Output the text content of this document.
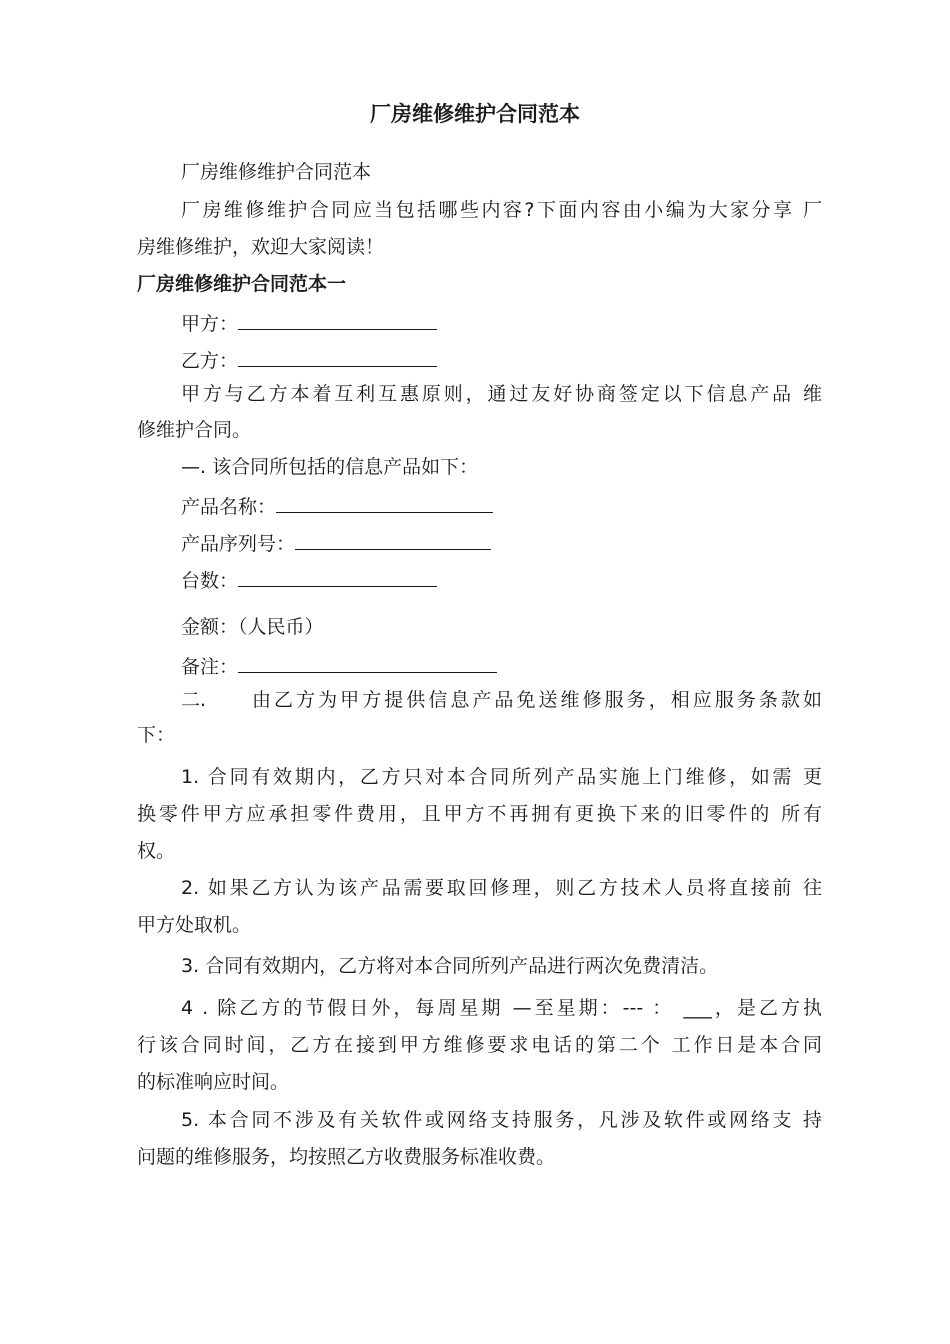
厂房维修维护合同范本
厂房维修维护合同范本
厂房维修维护合同应当包括哪些内容?下面内容由小编为大家分享 厂
房维修维护，欢迎大家阅读！
厂房维修维护合同范本一
甲方：
乙方：
甲方与乙方本着互利互惠原则，通过友好协商签定以下信息产品 维
修维护合同。
—. 该合同所包括的信息产品如下：
产品名称：
产品序列号：
台数：
金额：（人民币）
备注：
二. 由乙方为甲方提供信息产品免送维修服务，相应服务条款如
下：
1. 合同有效期内，乙方只对本合同所列产品实施上门维修，如需 更
换零件甲方应承担零件费用，且甲方不再拥有更换下来的旧零件的 所有
权。
2. 如果乙方认为该产品需要取回修理，则乙方技术人员将直接前 往
甲方处取机。
3. 合同有效期内，乙方将对本合同所列产品进行两次免费清洁。
4 . 除乙方的节假日外，每周星期 —至星期：--- ： ___，是乙方执
行该合同时间，乙方在接到甲方维修要求电话的第二个 工作日是本合同
的标准响应时间。
5. 本合同不涉及有关软件或网络支持服务，凡涉及软件或网络支 持
问题的维修服务，均按照乙方收费服务标准收费。
